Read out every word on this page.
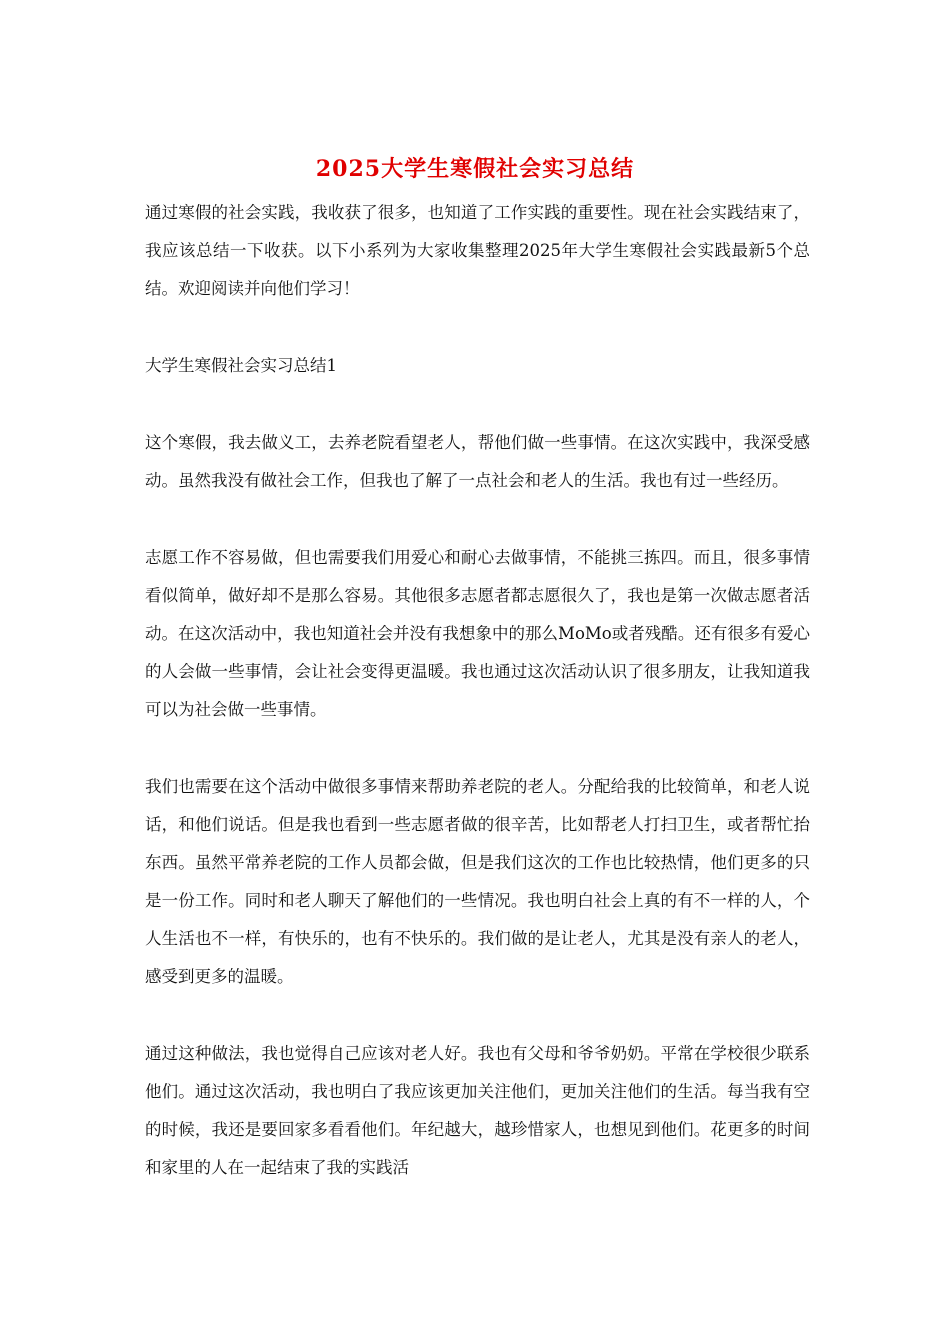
2025大学生寒假社会实习总结

通过寒假的社会实践，我收获了很多，也知道了工作实践的重要性。现在社会实践结束了，我应该总结一下收获。以下小系列为大家收集整理2025年大学生寒假社会实践最新5个总结。欢迎阅读并向他们学习！

大学生寒假社会实习总结1

这个寒假，我去做义工，去养老院看望老人，帮他们做一些事情。在这次实践中，我深受感动。虽然我没有做社会工作，但我也了解了一点社会和老人的生活。我也有过一些经历。

志愿工作不容易做，但也需要我们用爱心和耐心去做事情，不能挑三拣四。而且，很多事情看似简单，做好却不是那么容易。其他很多志愿者都志愿很久了，我也是第一次做志愿者活动。在这次活动中，我也知道社会并没有我想象中的那么MoMo或者残酷。还有很多有爱心的人会做一些事情，会让社会变得更温暖。我也通过这次活动认识了很多朋友，让我知道我可以为社会做一些事情。

我们也需要在这个活动中做很多事情来帮助养老院的老人。分配给我的比较简单，和老人说话，和他们说话。但是我也看到一些志愿者做的很辛苦，比如帮老人打扫卫生，或者帮忙抬东西。虽然平常养老院的工作人员都会做，但是我们这次的工作也比较热情，他们更多的只是一份工作。同时和老人聊天了解他们的一些情况。我也明白社会上真的有不一样的人，个人生活也不一样，有快乐的，也有不快乐的。我们做的是让老人，尤其是没有亲人的老人，感受到更多的温暖。

通过这种做法，我也觉得自己应该对老人好。我也有父母和爷爷奶奶。平常在学校很少联系他们。通过这次活动，我也明白了我应该更加关注他们，更加关注他们的生活。每当我有空的时候，我还是要回家多看看他们。年纪越大，越珍惜家人，也想见到他们。花更多的时间和家里的人在一起结束了我的实践活
